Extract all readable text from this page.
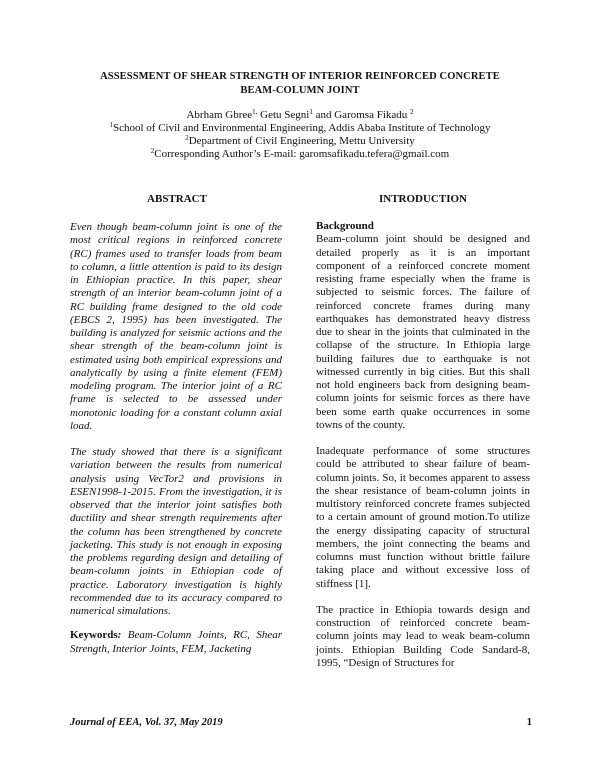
ASSESSMENT OF SHEAR STRENGTH OF INTERIOR REINFORCED CONCRETE
BEAM-COLUMN JOINT
Abrham Gbree$^{1,}$ Getu Segni$^1$ and Garomsa Fikadu $^2$
$^1$School of Civil and Environmental Engineering, Addis Ababa Institute of Technology
$^2$Department of Civil Engineering, Mettu University
$^2$Corresponding Author’s E-mail: garomsafikadu.tefera@gmail.com
ABSTRACT	INTRODUCTION

Even though beam-column joint is one of the most critical regions in reinforced concrete (RC) frames used to transfer loads from beam to column, a little attention is paid to its design in Ethiopian practice. In this paper, shear strength of an interior beam-column joint of a RC building frame designed to the old code (EBCS 2, 1995) has been investigated. The building is analyzed for seismic actions and the shear strength of the beam-column joint is estimated using both empirical expressions and analytically by using a finite element (FEM) modeling program. The interior joint of a RC frame is selected to be assessed under monotonic loading for a constant column axial load.

The study showed that there is a significant variation between the results from numerical analysis using VecTor2 and provisions in ESEN1998-1-2015. From the investigation, it is observed that the interior joint satisfies both ductility and shear strength requirements after the column has been strengthened by concrete jacketing. This study is not enough in exposing the problems regarding design and detailing of beam-column joints in Ethiopian code of practice. Laboratory investigation is highly recommended due to its accuracy compared to numerical simulations.

Keywords: Beam-Column Joints, RC, Shear Strength, Interior Joints, FEM, Jacketing

Background

Beam-column joint should be designed and detailed properly as it is an important component of a reinforced concrete moment resisting frame especially when the frame is subjected to seismic forces. The failure of reinforced concrete frames during many earthquakes has demonstrated heavy distress due to shear in the joints that culminated in the collapse of the structure. In Ethiopia large building failures due to earthquake is not witnessed currently in big cities. But this shall not hold engineers back from designing beam-column joints for seismic forces as there have been some earth quake occurrences in some towns of the county.

Inadequate performance of some structures could be attributed to shear failure of beam-column joints. So, it becomes apparent to assess the shear resistance of beam-column joints in multistory reinforced concrete frames subjected to a certain amount of ground motion.To utilize the energy dissipating capacity of structural members, the joint connecting the beams and columns must function without brittle failure taking place and without excessive loss of stiffness [1].

The practice in Ethiopia towards design and construction of reinforced concrete beam-column joints may lead to weak beam-column joints. Ethiopian Building Code Sandard-8, 1995, “Design of Structures for

Journal of EEA, Vol. 37, May 2019	1
